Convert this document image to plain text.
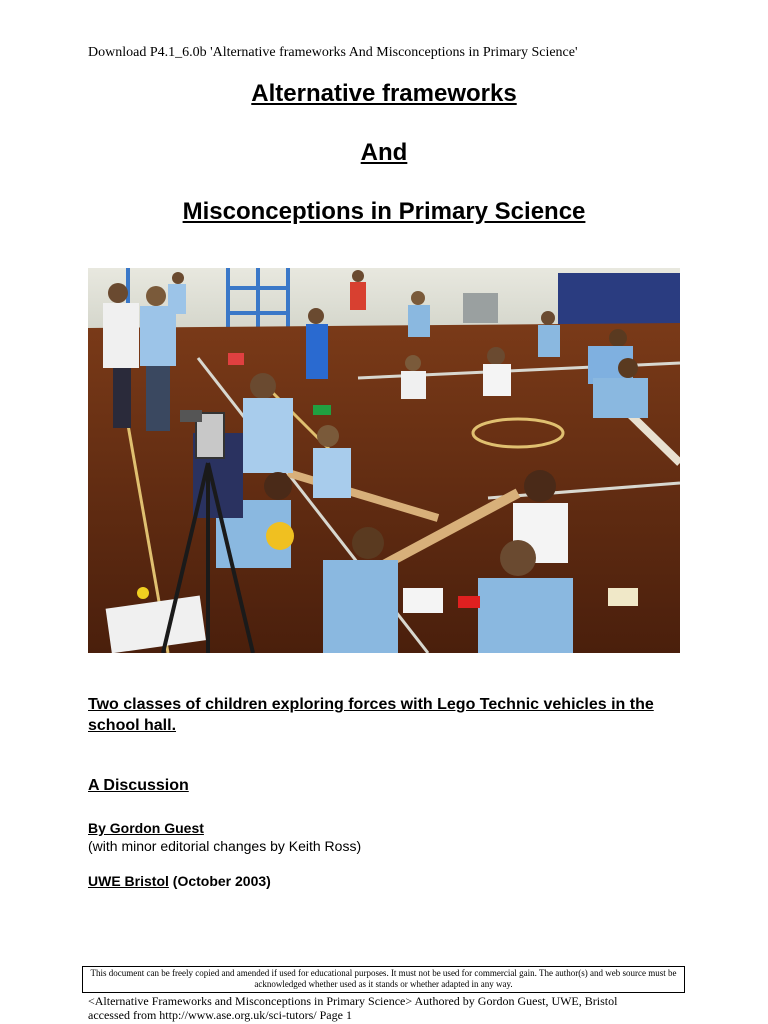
Download P4.1_6.0b 'Alternative frameworks And Misconceptions in Primary Science'
Alternative frameworks
And
Misconceptions in Primary Science
Two classes of children exploring forces with Lego Technic vehicles in the school hall.
A Discussion
By Gordon Guest
(with minor editorial changes by Keith Ross)
UWE Bristol (October 2003)
This document can be freely copied and amended if used for educational purposes. It must not be used for commercial gain. The author(s) and web source must be acknowledged whether used as it stands or whether adapted in any way.
<Alternative Frameworks and Misconceptions in Primary Science> Authored by Gordon Guest, UWE, Bristol
accessed from http://www.ase.org.uk/sci-tutors/ Page 1
